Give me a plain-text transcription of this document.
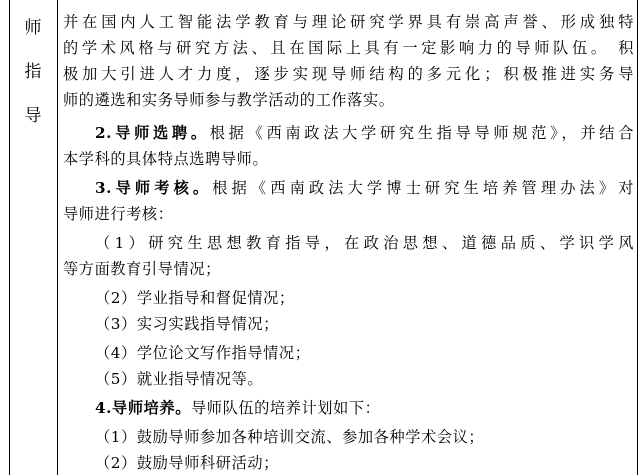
师
指
导
并在国内人工智能法学教育与理论研究学界具有崇高声誉、形成独特
的学术风格与研究方法、且在国际上具有一定影响力的导师队伍。 积
极加大引进人才力度，逐步实现导师结构的多元化；积极推进实务导
师的遴选和实务导师参与教学活动的工作落实。
2.导师选聘。根据《西南政法大学研究生指导导师规范》，并结合
本学科的具体特点选聘导师。
3.导师考核。根据《西南政法大学博士研究生培养管理办法》对
导师进行考核：
（1）研究生思想教育指导，在政治思想、道德品质、学识学风
等方面教育引导情况；
（2）学业指导和督促情况；
（3）实习实践指导情况；
（4）学位论文写作指导情况；
（5）就业指导情况等。
4.导师培养。导师队伍的培养计划如下：
（1）鼓励导师参加各种培训交流、参加各种学术会议；
（2）鼓励导师科研活动；
